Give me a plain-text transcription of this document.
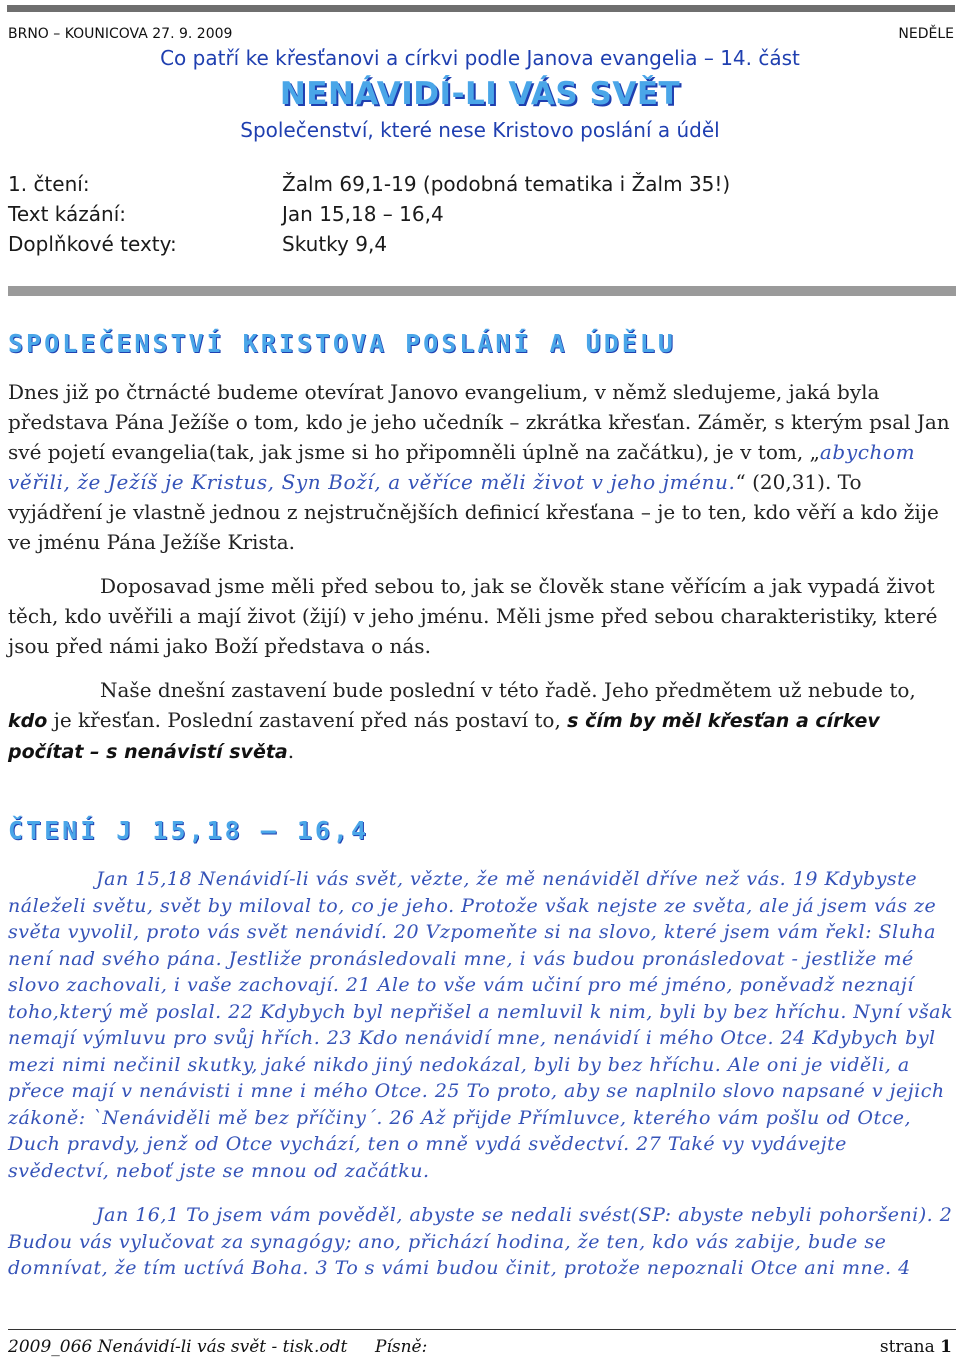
BRNO – KOUNICOVA 27. 9. 2009	NEDĚLE
Co patří ke křesťanovi a církvi podle Janova evangelia – 14. část
NENÁVIDÍ-LI VÁS SVĚT
Společenství, které nese Kristovo poslání a úděl
1. čtení:	Žalm 69,1-19 (podobná tematika i Žalm 35!)
Text kázání:	Jan 15,18 – 16,4
Doplňkové texty:	Skutky 9,4
SPOLEČENSTVÍ KRISTOVA POSLÁNÍ A ÚDĚLU

Dnes již po čtrnácté budeme otevírat Janovo evangelium, v němž sledujeme, jaká byla představa Pána Ježíše o tom, kdo je jeho učedník – zkrátka křesťan. Záměr, s kterým psal Jan své pojetí evangelia(tak, jak jsme si ho připomněli úplně na začátku), je v tom, „abychom věřili, že Ježíš je Kristus, Syn Boží, a věříce měli život v jeho jménu.“ (20,31). To vyjádření je vlastně jednou z nejstručnějších definicí křesťana – je to ten, kdo věří a kdo žije ve jménu Pána Ježíše Krista.

Doposavad jsme měli před sebou to, jak se člověk stane věřícím a jak vypadá život těch, kdo uvěřili a mají život (žijí) v jeho jménu. Měli jsme před sebou charakteristiky, které jsou před námi jako Boží představa o nás.

Naše dnešní zastavení bude poslední v této řadě. Jeho předmětem už nebude to, kdo je křesťan. Poslední zastavení před nás postaví to, s čím by měl křesťan a církev počítat – s nenávistí světa.

ČTENÍ J 15,18 – 16,4

Jan 15,18 Nenávidí-li vás svět, vězte, že mě nenáviděl dříve než vás. 19 Kdybyste náleželi světu, svět by miloval to, co je jeho. Protože však nejste ze světa, ale já jsem vás ze světa vyvolil, proto vás svět nenávidí. 20 Vzpomeňte si na slovo, které jsem vám řekl: Sluha není nad svého pána. Jestliže pronásledovali mne, i vás budou pronásledovat - jestliže mé slovo zachovali, i vaše zachovají. 21 Ale to vše vám učiní pro mé jméno, poněvadž neznají toho,který mě poslal. 22 Kdybych byl nepřišel a nemluvil k nim, byli by bez hříchu. Nyní však nemají výmluvu pro svůj hřích. 23 Kdo nenávidí mne, nenávidí i mého Otce. 24 Kdybych byl mezi nimi nečinil skutky, jaké nikdo jiný nedokázal, byli by bez hříchu. Ale oni je viděli, a přece mají v nenávisti i mne i mého Otce. 25 To proto, aby se naplnilo slovo napsané v jejich zákoně: `Nenáviděli mě bez příčiny´. 26 Až přijde Přímluvce, kterého vám pošlu od Otce, Duch pravdy, jenž od Otce vychází, ten o mně vydá svědectví. 27 Také vy vydávejte svědectví, neboť jste se mnou od začátku.

Jan 16,1 To jsem vám pověděl, abyste se nedali svést(SP: abyste nebyli pohoršeni). 2 Budou vás vylučovat za synagógy; ano, přichází hodina, že ten, kdo vás zabije, bude se domnívat, že tím uctívá Boha. 3 To s vámi budou činit, protože nepoznali Otce ani mne. 4

2009_066 Nenávidí-li vás svět - tisk.odt Písně:	strana 1
